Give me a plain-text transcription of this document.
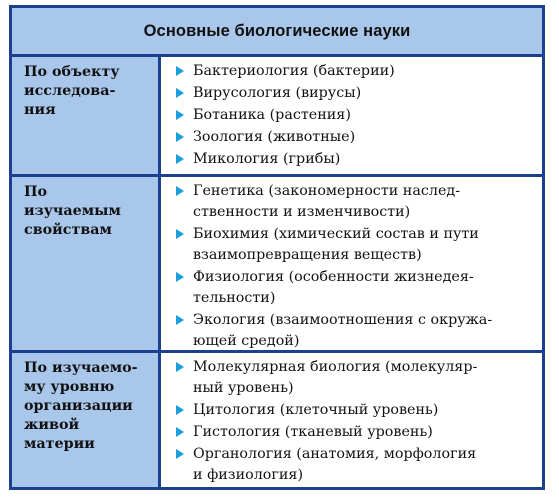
Основные биологические науки
По объекту
исследова-
ния
Бактериология (бактерии)
Вирусология (вирусы)
Ботаника (растения)
Зоология (животные)
Микология (грибы)
По
изучаемым
свойствам
Генетика (закономерности наслед-
ственности и изменчивости)
Биохимия (химический состав и пути
взаимопревращения веществ)
Физиология (особенности жизнедея-
тельности)
Экология (взаимоотношения с окружа-
ющей средой)
По изучаемо-
му уровню
организации
живой
материи
Молекулярная биология (молекуляр-
ный уровень)
Цитология (клеточный уровень)
Гистология (тканевый уровень)
Органология (анатомия, морфология
и физиология)
